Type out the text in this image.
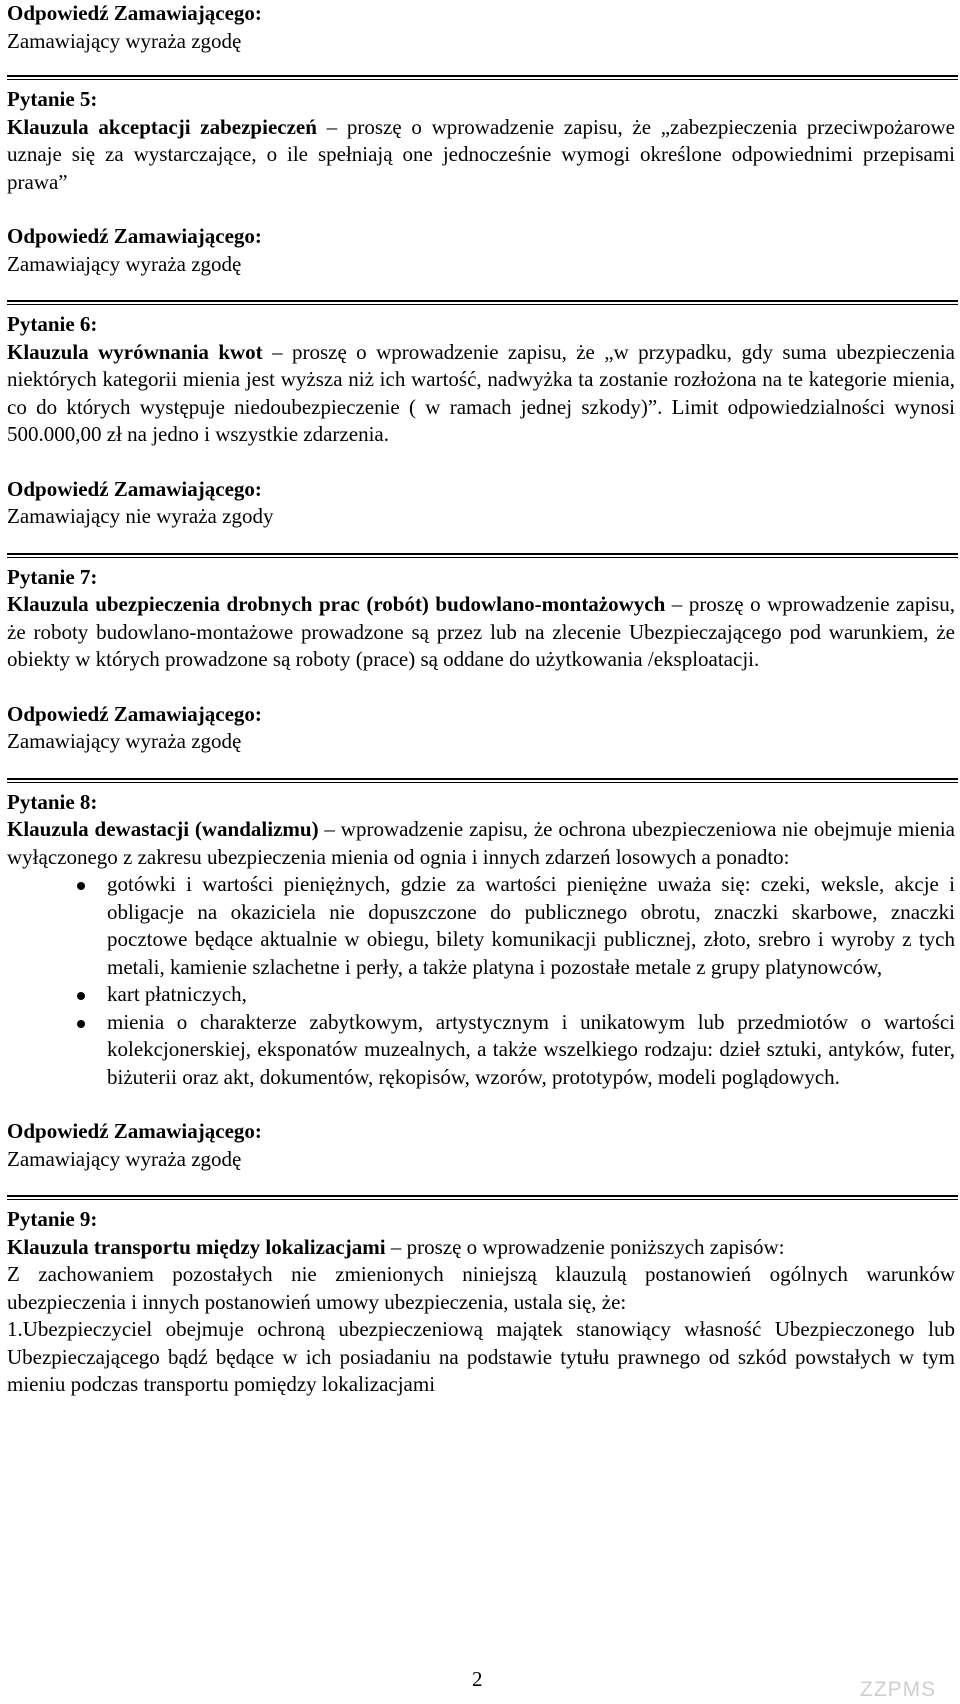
Odpowiedź Zamawiającego:
Zamawiający wyraża zgodę
Pytanie 5:

Klauzula akceptacji zabezpieczeń – proszę o wprowadzenie zapisu, że „zabezpieczenia przeciwpożarowe uznaje się za wystarczające, o ile spełniają one jednocześnie wymogi określone odpowiednimi przepisami prawa”

Odpowiedź Zamawiającego:
Zamawiający wyraża zgodę
Pytanie 6:

Klauzula wyrównania kwot – proszę o wprowadzenie zapisu, że „w przypadku, gdy suma ubezpieczenia niektórych kategorii mienia jest wyższa niż ich wartość, nadwyżka ta zostanie rozłożona na te kategorie mienia, co do których występuje niedoubezpieczenie ( w ramach jednej szkody)”. Limit odpowiedzialności wynosi 500.000,00 zł na jedno i wszystkie zdarzenia.

Odpowiedź Zamawiającego:
Zamawiający nie wyraża zgody
Pytanie 7:

Klauzula ubezpieczenia drobnych prac (robót) budowlano-montażowych – proszę o wprowadzenie zapisu, że roboty budowlano-montażowe prowadzone są przez lub na zlecenie Ubezpieczającego pod warunkiem, że obiekty w których prowadzone są roboty (prace) są oddane do użytkowania /eksploatacji.

Odpowiedź Zamawiającego:
Zamawiający wyraża zgodę
Pytanie 8:

Klauzula dewastacji (wandalizmu) – wprowadzenie zapisu, że ochrona ubezpieczeniowa nie obejmuje mienia wyłączonego z zakresu ubezpieczenia mienia od ognia i innych zdarzeń losowych a ponadto:

gotówki i wartości pieniężnych, gdzie za wartości pieniężne uważa się: czeki, weksle, akcje i obligacje na okaziciela nie dopuszczone do publicznego obrotu, znaczki skarbowe, znaczki pocztowe będące aktualnie w obiegu, bilety komunikacji publicznej, złoto, srebro i wyroby z tych metali, kamienie szlachetne i perły, a także platyna i pozostałe metale z grupy platynowców,
kart płatniczych,
mienia o charakterze zabytkowym, artystycznym i unikatowym lub przedmiotów o wartości kolekcjonerskiej, eksponatów muzealnych, a także wszelkiego rodzaju: dzieł sztuki, antyków, futer, biżuterii oraz akt, dokumentów, rękopisów, wzorów, prototypów, modeli poglądowych.
Odpowiedź Zamawiającego:
Zamawiający wyraża zgodę
Pytanie 9:

Klauzula transportu między lokalizacjami – proszę o wprowadzenie poniższych zapisów:

Z zachowaniem pozostałych nie zmienionych niniejszą klauzulą postanowień ogólnych warunków ubezpieczenia i innych postanowień umowy ubezpieczenia, ustala się, że:

1.Ubezpieczyciel obejmuje ochroną ubezpieczeniową majątek stanowiący własność Ubezpieczonego lub Ubezpieczającego bądź będące w ich posiadaniu na podstawie tytułu prawnego od szkód powstałych w tym mieniu podczas transportu pomiędzy lokalizacjami

2	ZZPMS
